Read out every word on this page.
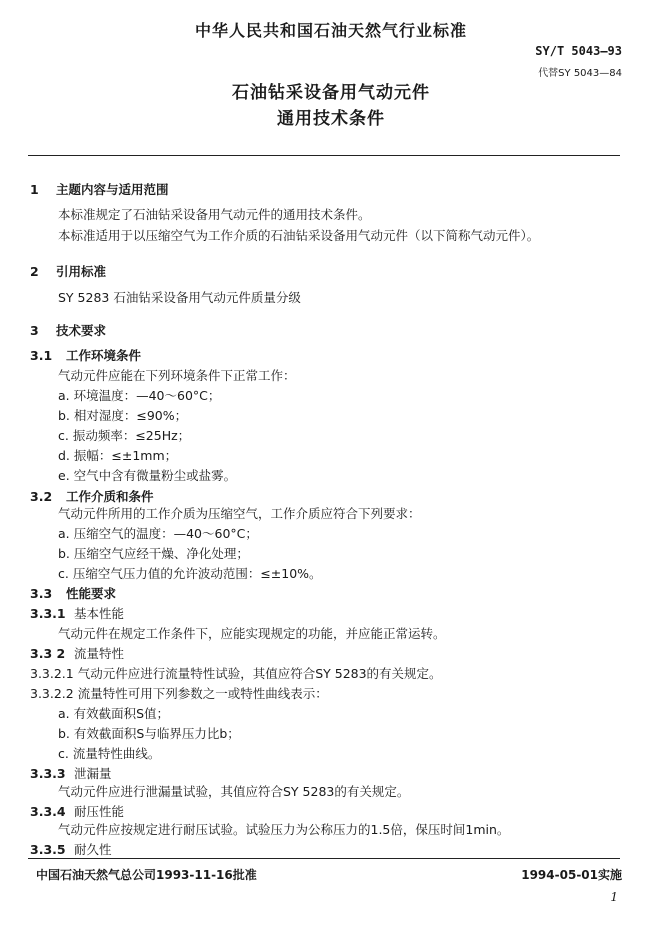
中华人民共和国石油天然气行业标准
SY/T 5043—93
代替SY 5043—84
石油钻采设备用气动元件
通用技术条件
1 主题内容与适用范围
本标准规定了石油钻采设备用气动元件的通用技术条件。
本标准适用于以压缩空气为工作介质的石油钻采设备用气动元件（以下简称气动元件）。
2 引用标准
SY 5283 石油钻采设备用气动元件质量分级
3 技术要求
3.1 工作环境条件
气动元件应能在下列环境条件下正常工作：
a. 环境温度：—40～60°C；
b. 相对湿度：≤90%；
c. 振动频率：≤25Hz；
d. 振幅：≤±1mm；
e. 空气中含有微量粉尘或盐雾。
3.2 工作介质和条件
气动元件所用的工作介质为压缩空气，工作介质应符合下列要求：
a. 压缩空气的温度：—40～60°C；
b. 压缩空气应经干燥、净化处理；
c. 压缩空气压力值的允许波动范围：≤±10%。
3.3 性能要求
3.3.1 基本性能
气动元件在规定工作条件下，应能实现规定的功能，并应能正常运转。
3.3 2 流量特性
3.3.2.1 气动元件应进行流量特性试验，其值应符合SY 5283的有关规定。
3.3.2.2 流量特性可用下列参数之一或特性曲线表示：
a. 有效截面积S值；
b. 有效截面积S与临界压力比b；
c. 流量特性曲线。
3.3.3 泄漏量
气动元件应进行泄漏量试验，其值应符合SY 5283的有关规定。
3.3.4 耐压性能
气动元件应按规定进行耐压试验。试验压力为公称压力的1.5倍，保压时间1min。
3.3.5 耐久性
中国石油天然气总公司1993-11-16批准	1994-05-01实施
1
